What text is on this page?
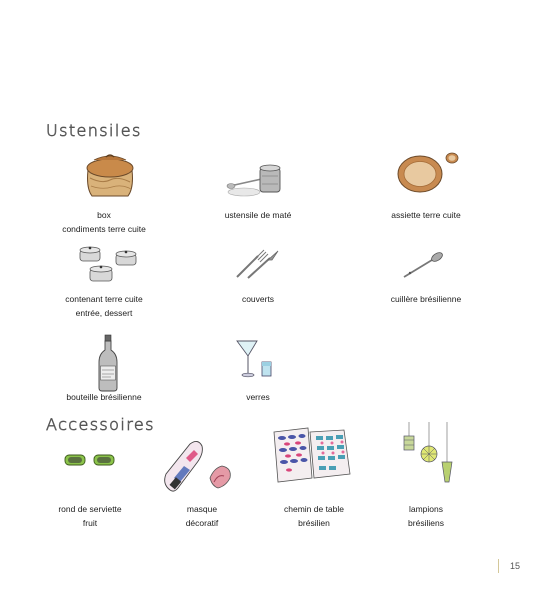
Ustensiles
box
condiments terre cuite
ustensile de maté	assiette terre cuite
contenant terre cuite
entrée, dessert
couverts	cuillère brésilienne
bouteille brésilienne	verres
Accessoires
rond de serviette
fruit
masque
décoratif
chemin de table
brésilien
lampions
brésiliens
15
